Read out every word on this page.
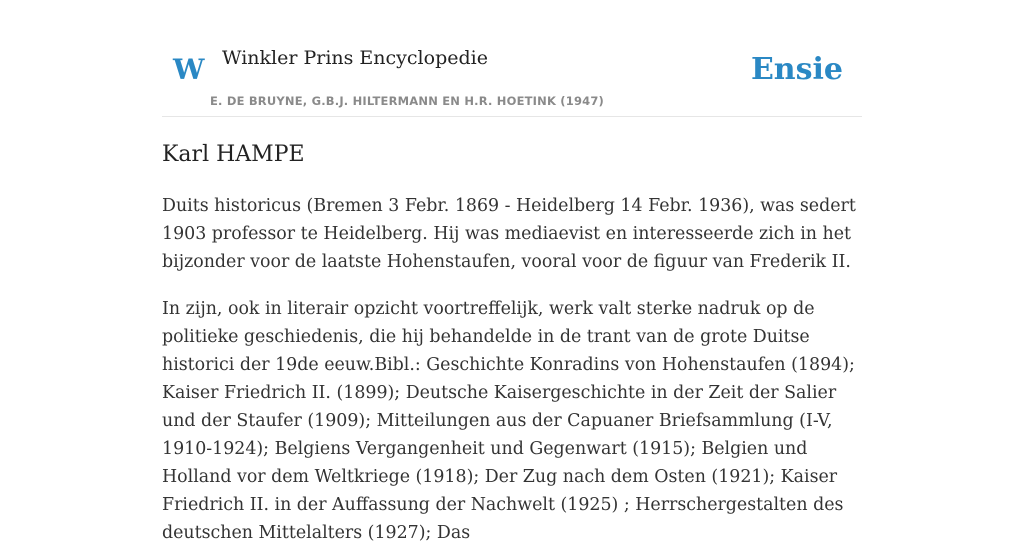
W Winkler Prins Encyclopedie
E. DE BRUYNE, G.B.J. HILTERMANN EN H.R. HOETINK (1947)
Ensie
Karl HAMPE

Duits historicus (Bremen 3 Febr. 1869 - Heidelberg 14 Febr. 1936), was sedert 1903 professor te Heidelberg. Hij was mediaevist en interesseerde zich in het bijzonder voor de laatste Hohenstaufen, vooral voor de figuur van Frederik II.

In zijn, ook in literair opzicht voortreffelijk, werk valt sterke nadruk op de politieke geschiedenis, die hij behandelde in de trant van de grote Duitse historici der 19de eeuw.Bibl.: Geschichte Konradins von Hohenstaufen (1894); Kaiser Friedrich II. (1899); Deutsche Kaisergeschichte in der Zeit der Salier und der Staufer (1909); Mitteilungen aus der Capuaner Briefsammlung (I-V, 1910-1924); Belgiens Vergangenheit und Gegenwart (1915); Belgien und Holland vor dem Weltkriege (1918); Der Zug nach dem Osten (1921); Kaiser Friedrich II. in der Auffassung der Nachwelt (1925) ; Herrschergestalten des deutschen Mittelalters (1927); Das
